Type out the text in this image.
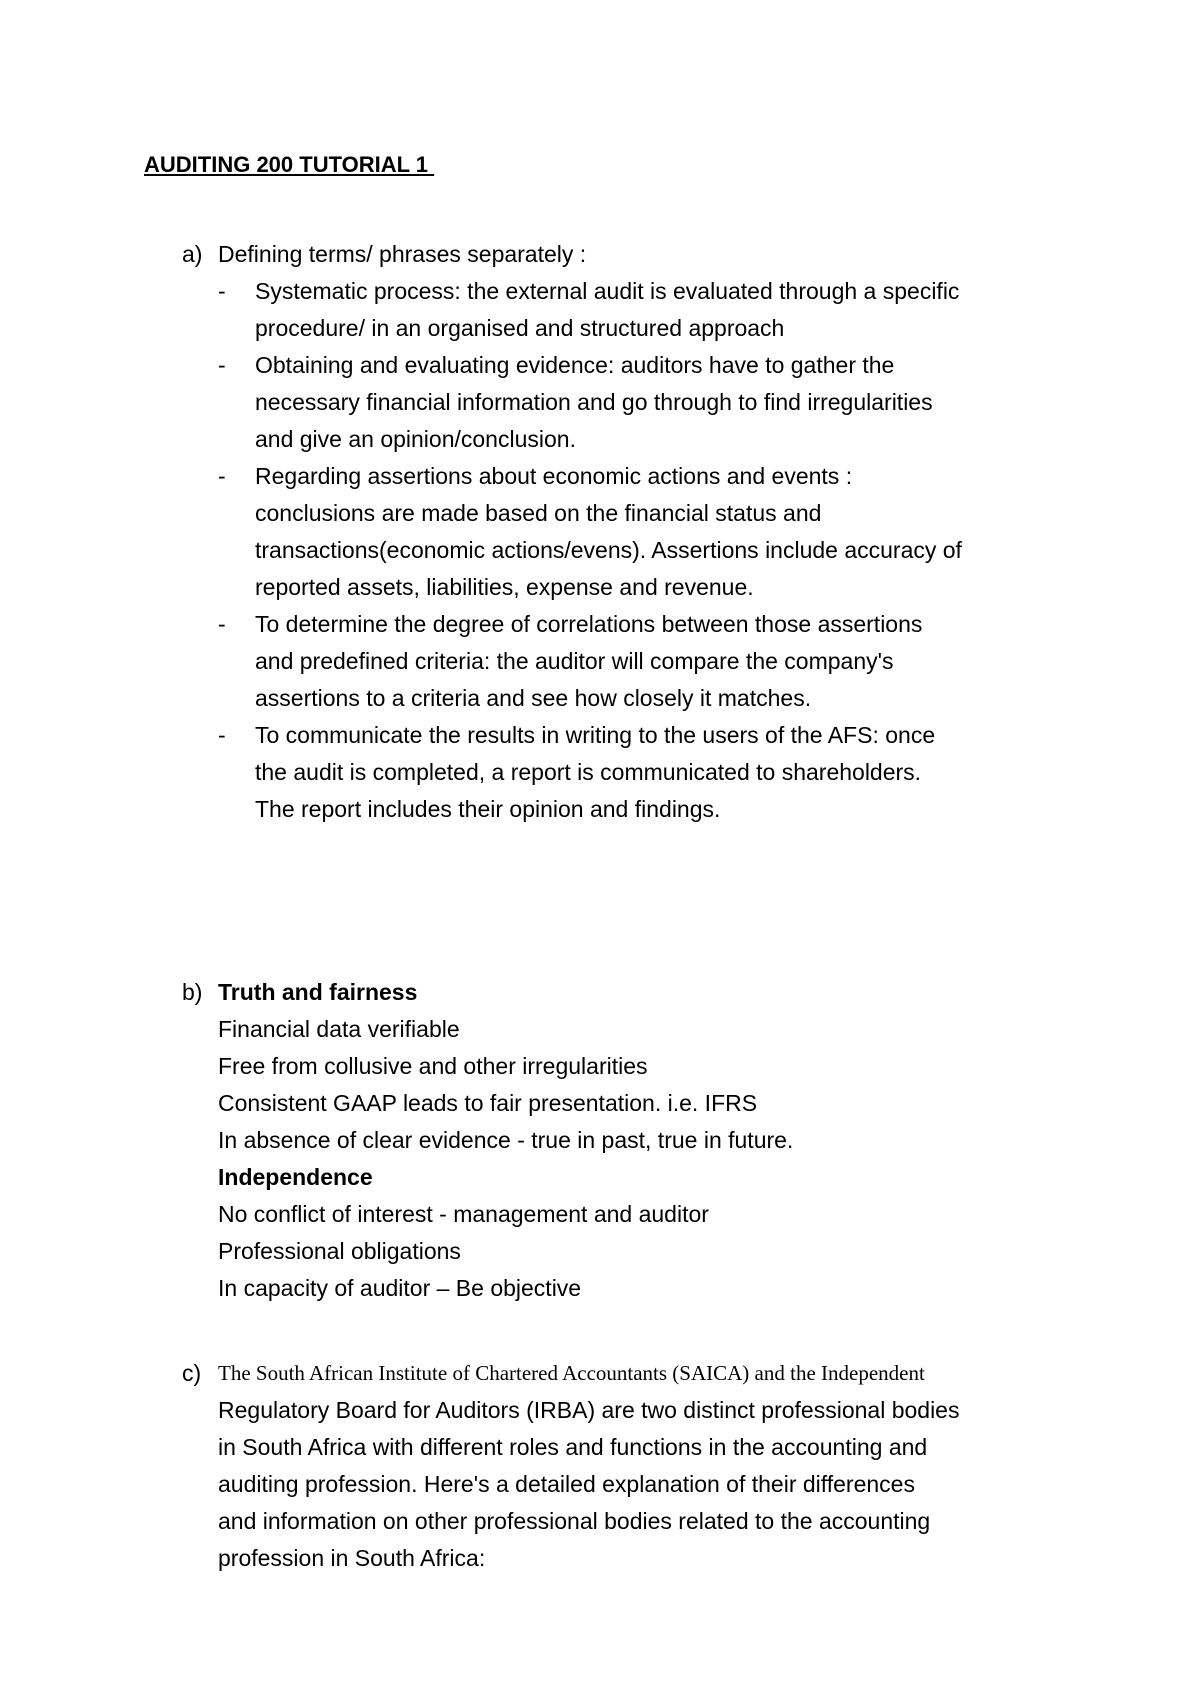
AUDITING 200 TUTORIAL 1
a) Defining terms/ phrases separately :
- Systematic process: the external audit is evaluated through a specific
procedure/ in an organised and structured approach
- Obtaining and evaluating evidence: auditors have to gather the
necessary financial information and go through to find irregularities
and give an opinion/conclusion.
- Regarding assertions about economic actions and events :
conclusions are made based on the financial status and
transactions(economic actions/evens). Assertions include accuracy of
reported assets, liabilities, expense and revenue.
- To determine the degree of correlations between those assertions
and predefined criteria: the auditor will compare the company's
assertions to a criteria and see how closely it matches.
- To communicate the results in writing to the users of the AFS: once
the audit is completed, a report is communicated to shareholders.
The report includes their opinion and findings.
b) Truth and fairness
Financial data verifiable
Free from collusive and other irregularities
Consistent GAAP leads to fair presentation. i.e. IFRS
In absence of clear evidence - true in past, true in future.
Independence
No conflict of interest - management and auditor
Professional obligations
In capacity of auditor – Be objective
c) The South African Institute of Chartered Accountants (SAICA) and the Independent
Regulatory Board for Auditors (IRBA) are two distinct professional bodies
in South Africa with different roles and functions in the accounting and
auditing profession. Here's a detailed explanation of their differences
and information on other professional bodies related to the accounting
profession in South Africa:
